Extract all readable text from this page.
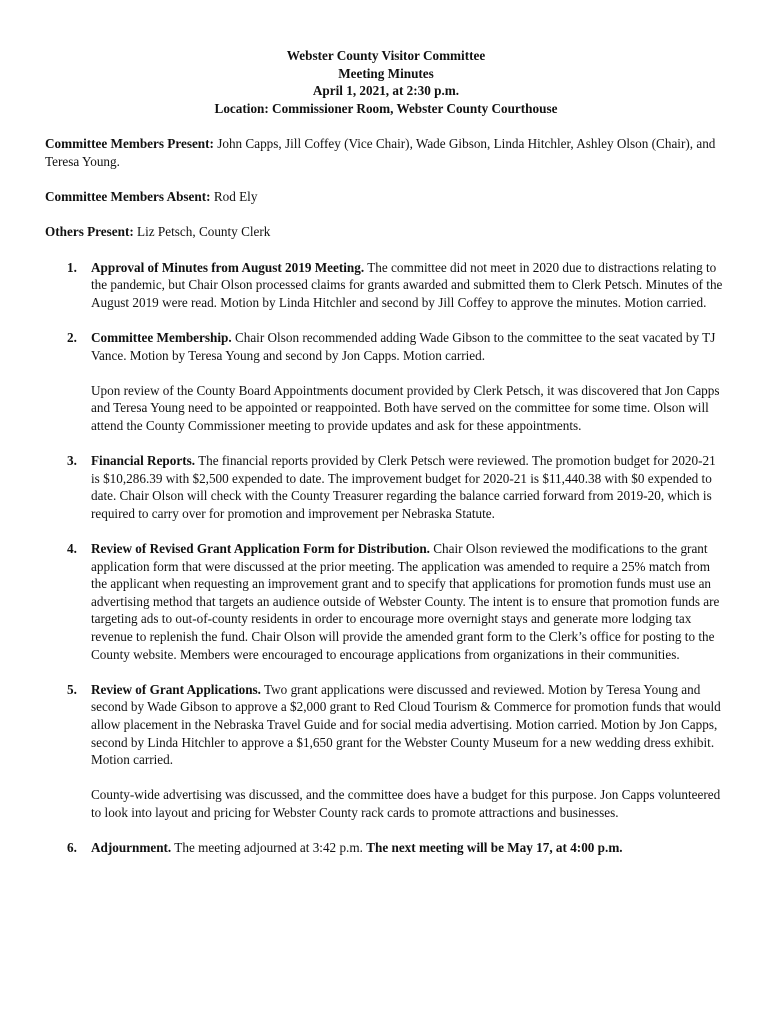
Webster County Visitor Committee
Meeting Minutes
April 1, 2021, at 2:30 p.m.
Location: Commissioner Room, Webster County Courthouse

Committee Members Present: John Capps, Jill Coffey (Vice Chair), Wade Gibson, Linda Hitchler, Ashley Olson (Chair), and Teresa Young.

Committee Members Absent: Rod Ely

Others Present: Liz Petsch, County Clerk

1. Approval of Minutes from August 2019 Meeting. The committee did not meet in 2020 due to distractions relating to the pandemic, but Chair Olson processed claims for grants awarded and submitted them to Clerk Petsch. Minutes of the August 2019 were read. Motion by Linda Hitchler and second by Jill Coffey to approve the minutes. Motion carried.
2. Committee Membership. Chair Olson recommended adding Wade Gibson to the committee to the seat vacated by TJ Vance. Motion by Teresa Young and second by Jon Capps. Motion carried.
Upon review of the County Board Appointments document provided by Clerk Petsch, it was discovered that Jon Capps and Teresa Young need to be appointed or reappointed. Both have served on the committee for some time. Olson will attend the County Commissioner meeting to provide updates and ask for these appointments.
3. Financial Reports. The financial reports provided by Clerk Petsch were reviewed. The promotion budget for 2020-21 is $10,286.39 with $2,500 expended to date. The improvement budget for 2020-21 is $11,440.38 with $0 expended to date. Chair Olson will check with the County Treasurer regarding the balance carried forward from 2019-20, which is required to carry over for promotion and improvement per Nebraska Statute.
4. Review of Revised Grant Application Form for Distribution. Chair Olson reviewed the modifications to the grant application form that were discussed at the prior meeting. The application was amended to require a 25% match from the applicant when requesting an improvement grant and to specify that applications for promotion funds must use an advertising method that targets an audience outside of Webster County. The intent is to ensure that promotion funds are targeting ads to out-of-county residents in order to encourage more overnight stays and generate more lodging tax revenue to replenish the fund. Chair Olson will provide the amended grant form to the Clerk’s office for posting to the County website. Members were encouraged to encourage applications from organizations in their communities.
5. Review of Grant Applications. Two grant applications were discussed and reviewed. Motion by Teresa Young and second by Wade Gibson to approve a $2,000 grant to Red Cloud Tourism & Commerce for promotion funds that would allow placement in the Nebraska Travel Guide and for social media advertising. Motion carried. Motion by Jon Capps, second by Linda Hitchler to approve a $1,650 grant for the Webster County Museum for a new wedding dress exhibit. Motion carried.
County-wide advertising was discussed, and the committee does have a budget for this purpose. Jon Capps volunteered to look into layout and pricing for Webster County rack cards to promote attractions and businesses.
6. Adjournment. The meeting adjourned at 3:42 p.m. The next meeting will be May 17, at 4:00 p.m.
